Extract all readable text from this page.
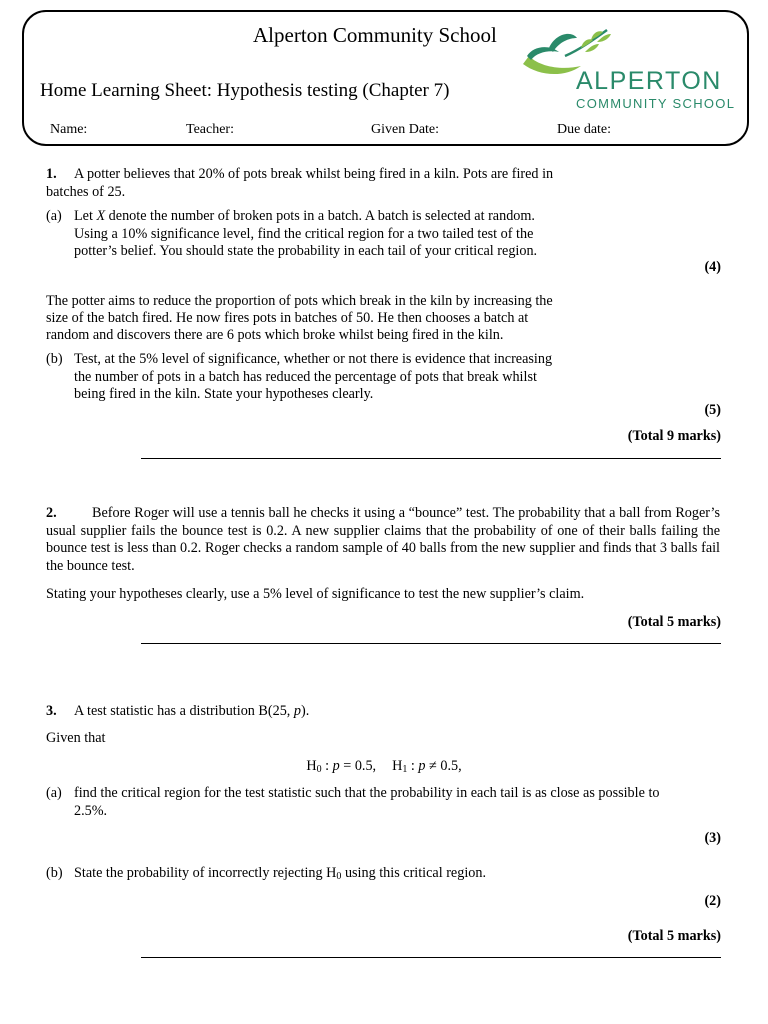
Alperton Community School
Home Learning Sheet: Hypothesis testing (Chapter 7)
Name:	Teacher:	Given Date:	Due date:
ALPERTON
COMMUNITY SCHOOL
1. A potter believes that 20% of pots break whilst being fired in a kiln. Pots are fired in
batches of 25.
(a) Let X denote the number of broken pots in a batch. A batch is selected at random.
Using a 10% significance level, find the critical region for a two tailed test of the
potter’s belief. You should state the probability in each tail of your critical region.
(4)
The potter aims to reduce the proportion of pots which break in the kiln by increasing the
size of the batch fired. He now fires pots in batches of 50. He then chooses a batch at
random and discovers there are 6 pots which broke whilst being fired in the kiln.
(b) Test, at the 5% level of significance, whether or not there is evidence that increasing
the number of pots in a batch has reduced the percentage of pots that break whilst
being fired in the kiln. State your hypotheses clearly.
(5)
(Total 9 marks)
2. Before Roger will use a tennis ball he checks it using a “bounce” test. The probability that a ball from Roger’s usual supplier fails the bounce test is 0.2. A new supplier claims that the probability of one of their balls failing the bounce test is less than 0.2. Roger checks a random sample of 40 balls from the new supplier and finds that 3 balls fail the bounce test.
Stating your hypotheses clearly, use a 5% level of significance to test the new supplier’s claim.
(Total 5 marks)
3. A test statistic has a distribution B(25, p).
Given that
$H_0$ : p = 0.5, $H_1$ : p ≠ 0.5,
(a) find the critical region for the test statistic such that the probability in each tail is as close as possible to
2.5%.
(3)
(b) State the probability of incorrectly rejecting $H_0$ using this critical region.
(2)
(Total 5 marks)
